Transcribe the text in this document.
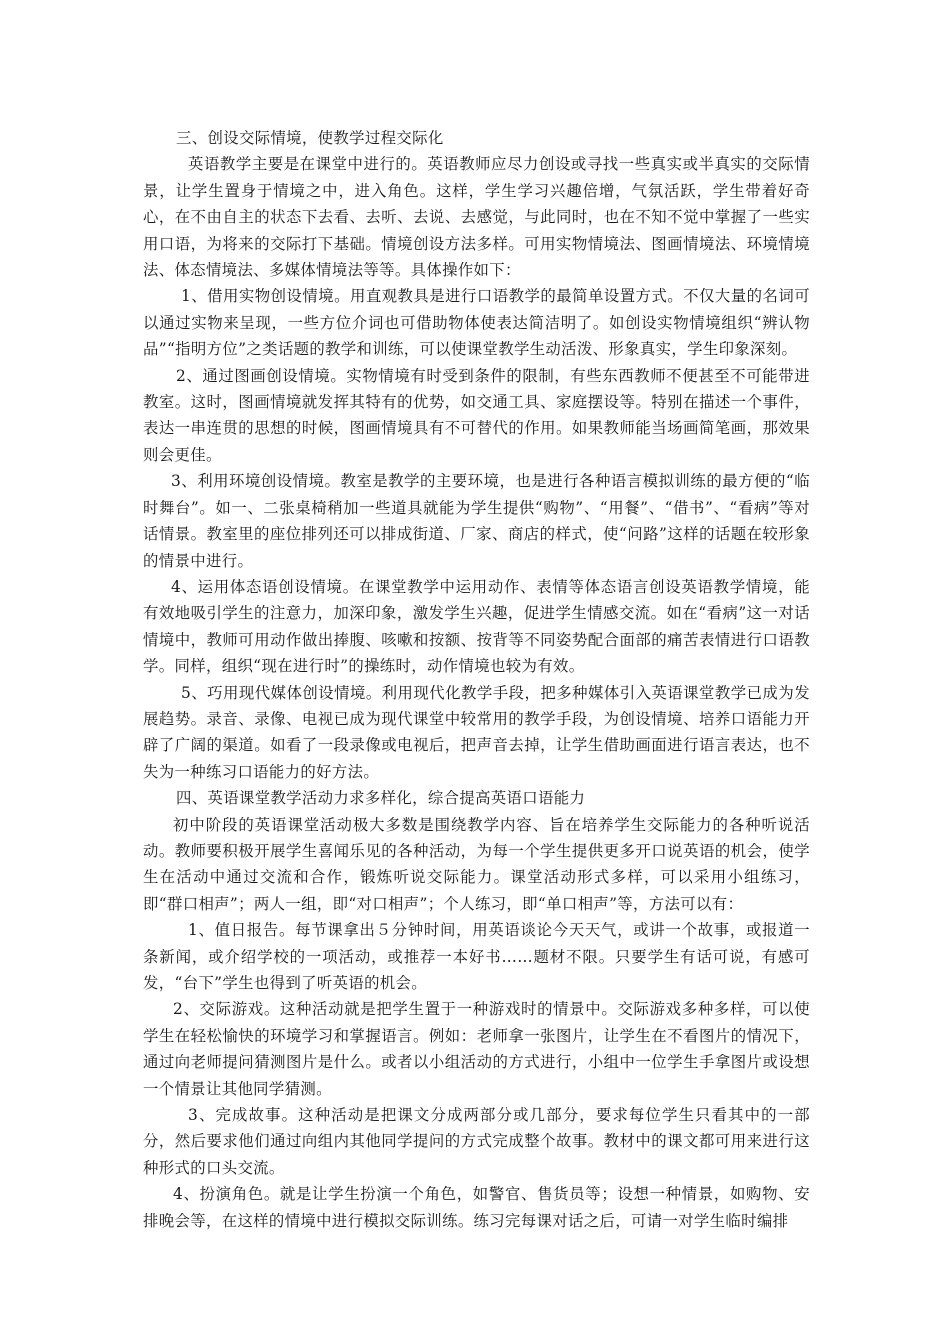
三、创设交际情境，使教学过程交际化

英语教学主要是在课堂中进行的。英语教师应尽力创设或寻找一些真实或半真实的交际情景，让学生置身于情境之中，进入角色。这样，学生学习兴趣倍增，气氛活跃，学生带着好奇心，在不由自主的状态下去看、去听、去说、去感觉，与此同时，也在不知不觉中掌握了一些实用口语，为将来的交际打下基础。情境创设方法多样。可用实物情境法、图画情境法、环境情境法、体态情境法、多媒体情境法等等。具体操作如下：

1、借用实物创设情境。用直观教具是进行口语教学的最简单设置方式。不仅大量的名词可以通过实物来呈现，一些方位介词也可借助物体使表达简洁明了。如创设实物情境组织“辨认物品”“指明方位”之类话题的教学和训练，可以使课堂教学生动活泼、形象真实，学生印象深刻。

2、通过图画创设情境。实物情境有时受到条件的限制，有些东西教师不便甚至不可能带进教室。这时，图画情境就发挥其特有的优势，如交通工具、家庭摆设等。特别在描述一个事件，表达一串连贯的思想的时候，图画情境具有不可替代的作用。如果教师能当场画简笔画，那效果则会更佳。

3、利用环境创设情境。教室是教学的主要环境，也是进行各种语言模拟训练的最方便的“临时舞台”。如一、二张桌椅稍加一些道具就能为学生提供“购物”、“用餐”、“借书”、“看病”等对话情景。教室里的座位排列还可以排成街道、厂家、商店的样式，使“问路”这样的话题在较形象的情景中进行。

4、运用体态语创设情境。在课堂教学中运用动作、表情等体态语言创设英语教学情境，能有效地吸引学生的注意力，加深印象，激发学生兴趣，促进学生情感交流。如在“看病”这一对话情境中，教师可用动作做出捧腹、咳嗽和按额、按背等不同姿势配合面部的痛苦表情进行口语教学。同样，组织“现在进行时”的操练时，动作情境也较为有效。

5、巧用现代媒体创设情境。利用现代化教学手段，把多种媒体引入英语课堂教学已成为发展趋势。录音、录像、电视已成为现代课堂中较常用的教学手段，为创设情境、培养口语能力开辟了广阔的渠道。如看了一段录像或电视后，把声音去掉，让学生借助画面进行语言表达，也不失为一种练习口语能力的好方法。

四、英语课堂教学活动力求多样化，综合提高英语口语能力

初中阶段的英语课堂活动极大多数是围绕教学内容、旨在培养学生交际能力的各种听说活动。教师要积极开展学生喜闻乐见的各种活动，为每一个学生提供更多开口说英语的机会，使学生在活动中通过交流和合作，锻炼听说交际能力。课堂活动形式多样，可以采用小组练习，即“群口相声”；两人一组，即“对口相声”；个人练习，即“单口相声”等，方法可以有：

1、值日报告。每节课拿出５分钟时间，用英语谈论今天天气，或讲一个故事，或报道一条新闻，或介绍学校的一项活动，或推荐一本好书……题材不限。只要学生有话可说，有感可发，“台下”学生也得到了听英语的机会。

2、交际游戏。这种活动就是把学生置于一种游戏时的情景中。交际游戏多种多样，可以使学生在轻松愉快的环境学习和掌握语言。例如：老师拿一张图片，让学生在不看图片的情况下，通过向老师提问猜测图片是什么。或者以小组活动的方式进行，小组中一位学生手拿图片或设想一个情景让其他同学猜测。

3、完成故事。这种活动是把课文分成两部分或几部分，要求每位学生只看其中的一部分，然后要求他们通过向组内其他同学提问的方式完成整个故事。教材中的课文都可用来进行这种形式的口头交流。

4、扮演角色。就是让学生扮演一个角色，如警官、售货员等；设想一种情景，如购物、安排晚会等，在这样的情境中进行模拟交际训练。练习完每课对话之后，可请一对学生临时编排
